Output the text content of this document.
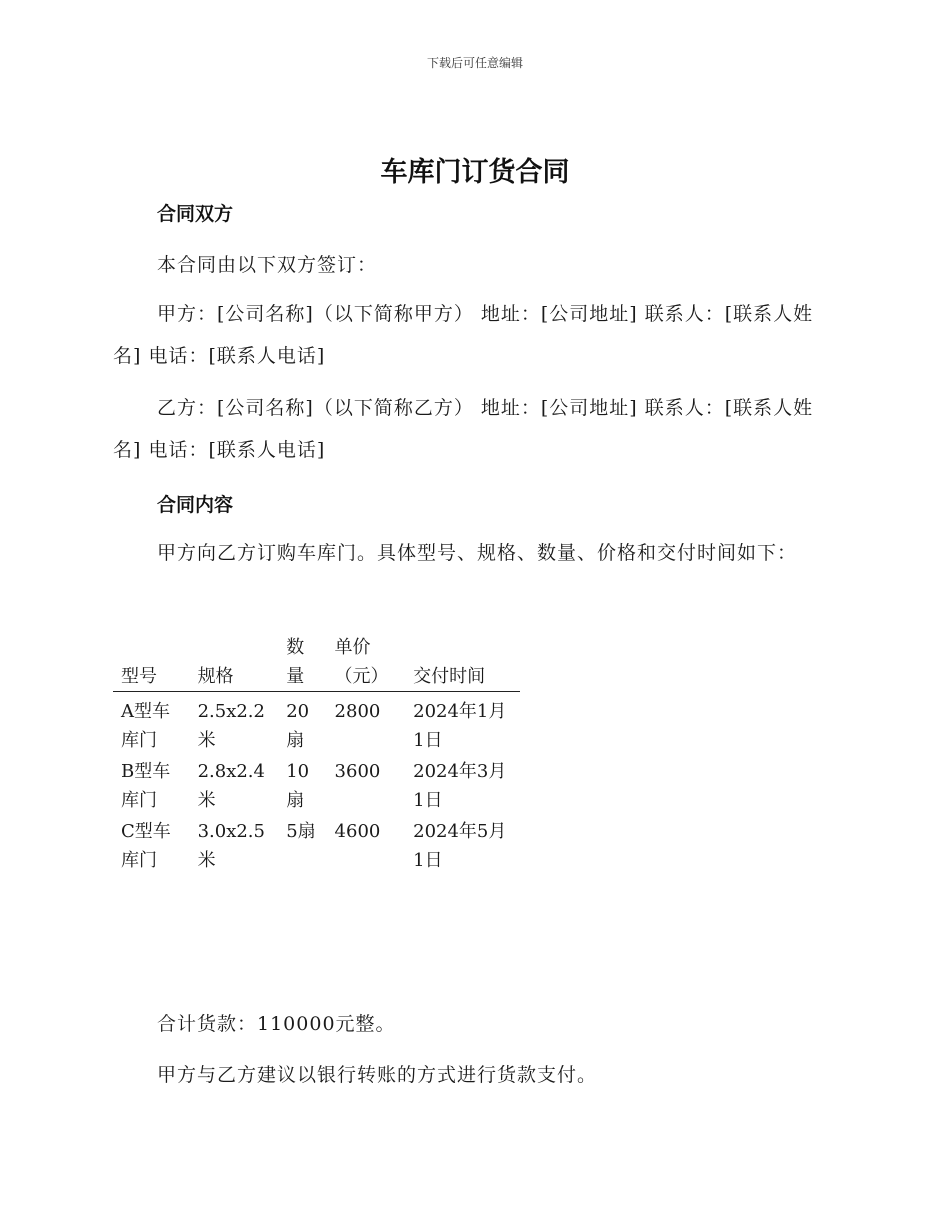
下载后可任意编辑
车库门订货合同
合同双方
本合同由以下双方签订：
甲方：[公司名称]（以下简称甲方） 地址：[公司地址] 联系人：[联系人姓名] 电话：[联系人电话]
乙方：[公司名称]（以下简称乙方） 地址：[公司地址] 联系人：[联系人姓名] 电话：[联系人电话]
合同内容
甲方向乙方订购车库门。具体型号、规格、数量、价格和交付时间如下：
型号	规格	数量	单价（元）	交付时间
A型车库门	2.5x2.2米	20扇	2800	2024年1月1日
B型车库门	2.8x2.4米	10扇	3600	2024年3月1日
C型车库门	3.0x2.5米	5扇	4600	2024年5月1日
合计货款：110000元整。
甲方与乙方建议以银行转账的方式进行货款支付。
